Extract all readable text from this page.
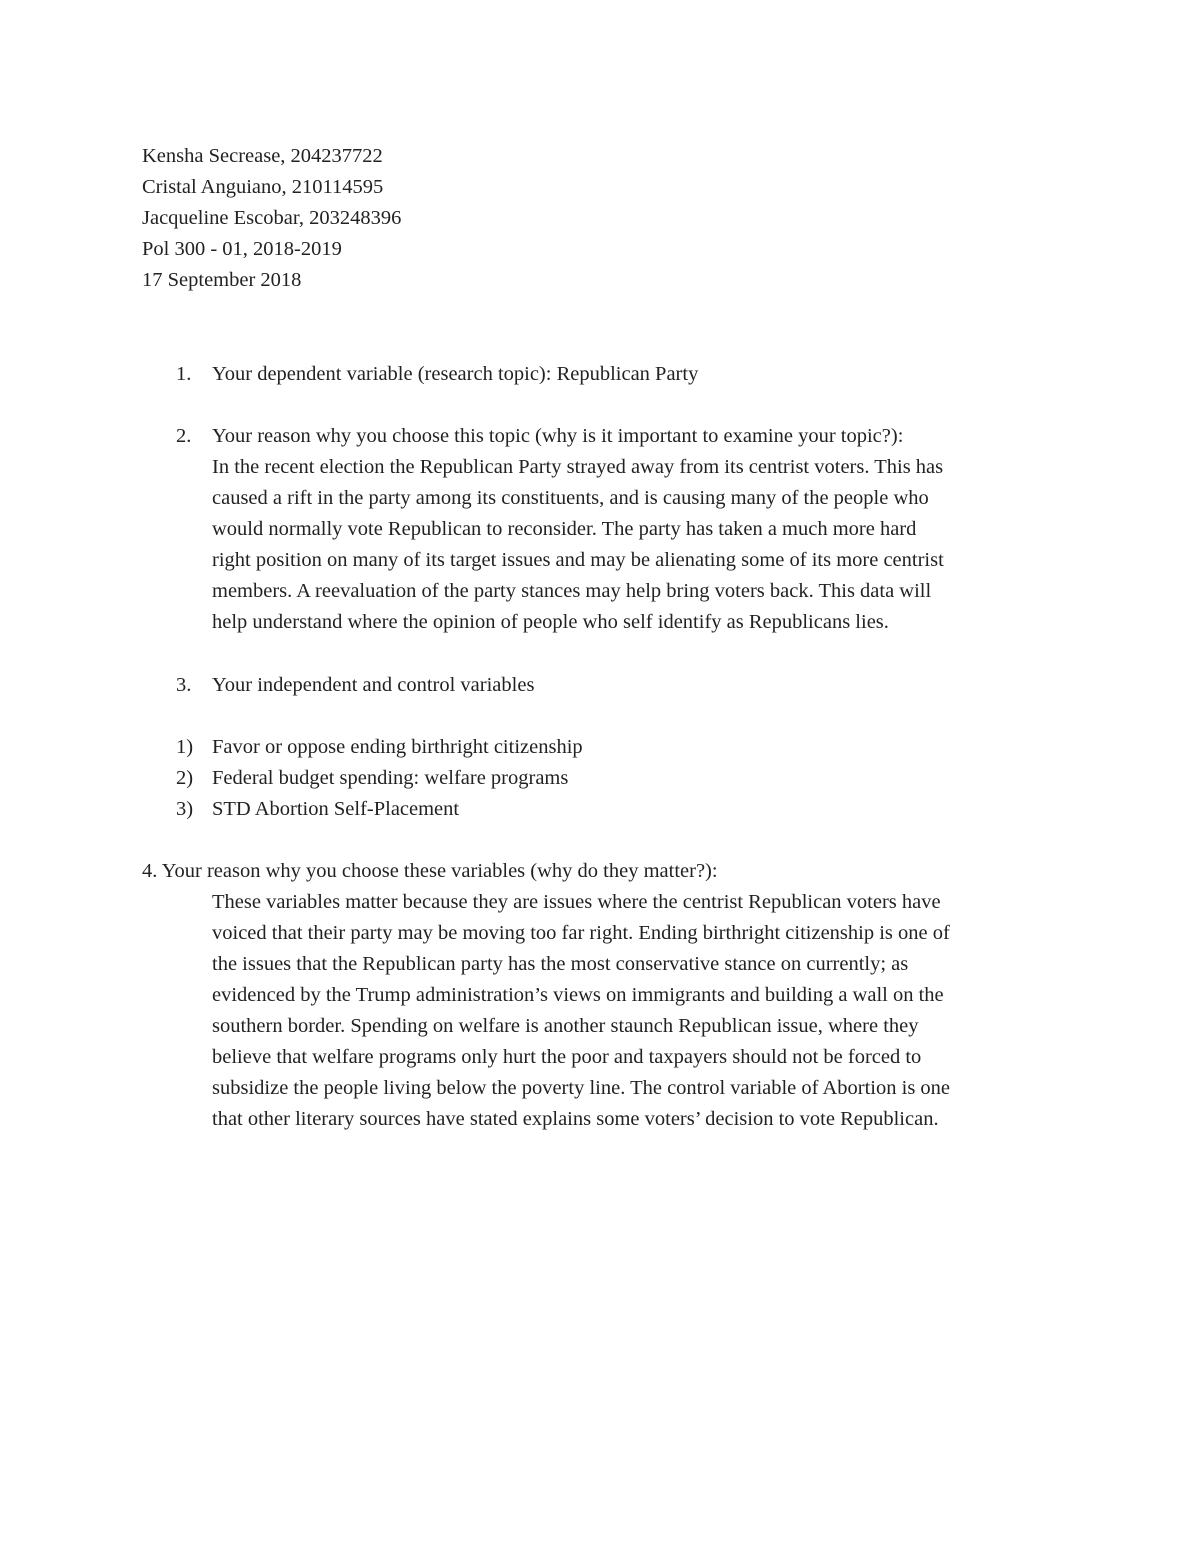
Kensha Secrease, 204237722
Cristal Anguiano, 210114595
Jacqueline Escobar, 203248396
Pol 300 - 01, 2018-2019
17 September 2018
1. Your dependent variable (research topic): Republican Party
2. Your reason why you choose this topic (why is it important to examine your topic?):
In the recent election the Republican Party strayed away from its centrist voters. This has
caused a rift in the party among its constituents, and is causing many of the people who
would normally vote Republican to reconsider. The party has taken a much more hard
right position on many of its target issues and may be alienating some of its more centrist
members. A reevaluation of the party stances may help bring voters back. This data will
help understand where the opinion of people who self identify as Republicans lies.
3. Your independent and control variables
1) Favor or oppose ending birthright citizenship
2) Federal budget spending: welfare programs
3) STD Abortion Self-Placement
4. Your reason why you choose these variables (why do they matter?):
These variables matter because they are issues where the centrist Republican voters have
voiced that their party may be moving too far right. Ending birthright citizenship is one of
the issues that the Republican party has the most conservative stance on currently; as
evidenced by the Trump administration’s views on immigrants and building a wall on the
southern border. Spending on welfare is another staunch Republican issue, where they
believe that welfare programs only hurt the poor and taxpayers should not be forced to
subsidize the people living below the poverty line. The control variable of Abortion is one
that other literary sources have stated explains some voters’ decision to vote Republican.
